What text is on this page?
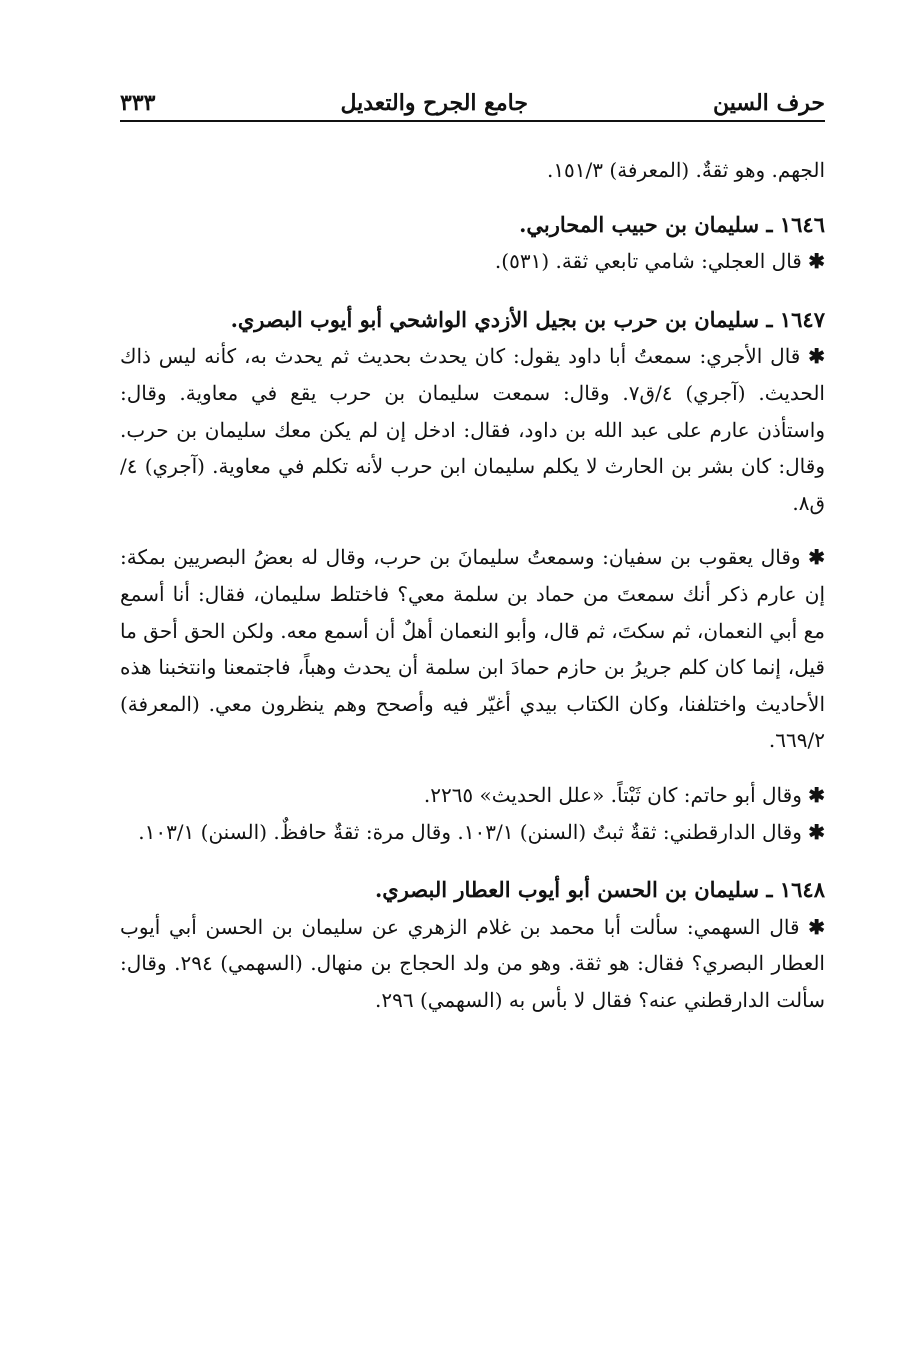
حرف السين
جامع الجرح والتعديل
٣٣٣

الجهم. وهو ثقةٌ. (المعرفة) ١٥١/٣.

١٦٤٦ ـ سليمان بن حبيب المحاربي.

✱ قال العجلي: شامي تابعي ثقة. (٥٣١).

١٦٤٧ ـ سليمان بن حرب بن بجيل الأزدي الواشحي أبو أيوب البصري.

✱ قال الأجري: سمعتُ أبا داود يقول: كان يحدث بحديث ثم يحدث به، كأنه ليس ذاك الحديث. (آجري) ٤/ق٧. وقال: سمعت سليمان بن حرب يقع في معاوية. وقال: واستأذن عارم على عبد الله بن داود، فقال: ادخل إن لم يكن معك سليمان بن حرب. وقال: كان بشر بن الحارث لا يكلم سليمان ابن حرب لأنه تكلم في معاوية. (آجري) ٤/ق٨.

✱ وقال يعقوب بن سفيان: وسمعتُ سليمانَ بن حرب، وقال له بعضُ البصريين بمكة: إن عارم ذكر أنك سمعتَ من حماد بن سلمة معي؟ فاختلط سليمان، فقال: أنا أسمع مع أبي النعمان، ثم سكتَ، ثم قال، وأبو النعمان أهلٌ أن أسمع معه. ولكن الحق أحق ما قيل، إنما كان كلم جريرُ بن حازم حمادَ ابن سلمة أن يحدث وهباً، فاجتمعنا وانتخبنا هذه الأحاديث واختلفنا، وكان الكتاب بيدي أغيّر فيه وأصحح وهم ينظرون معي. (المعرفة) ٦٦٩/٢.

✱ وقال أبو حاتم: كان ثَبْتاً. «علل الحديث» ٢٢٦٥.

✱ وقال الدارقطني: ثقةٌ ثبتٌ (السنن) ١٠٣/١. وقال مرة: ثقةٌ حافظٌ. (السنن) ١٠٣/١.

١٦٤٨ ـ سليمان بن الحسن أبو أيوب العطار البصري.

✱ قال السهمي: سألت أبا محمد بن غلام الزهري عن سليمان بن الحسن أبي أيوب العطار البصري؟ فقال: هو ثقة. وهو من ولد الحجاج بن منهال. (السهمي) ٢٩٤. وقال: سألت الدارقطني عنه؟ فقال لا بأس به (السهمي) ٢٩٦.
